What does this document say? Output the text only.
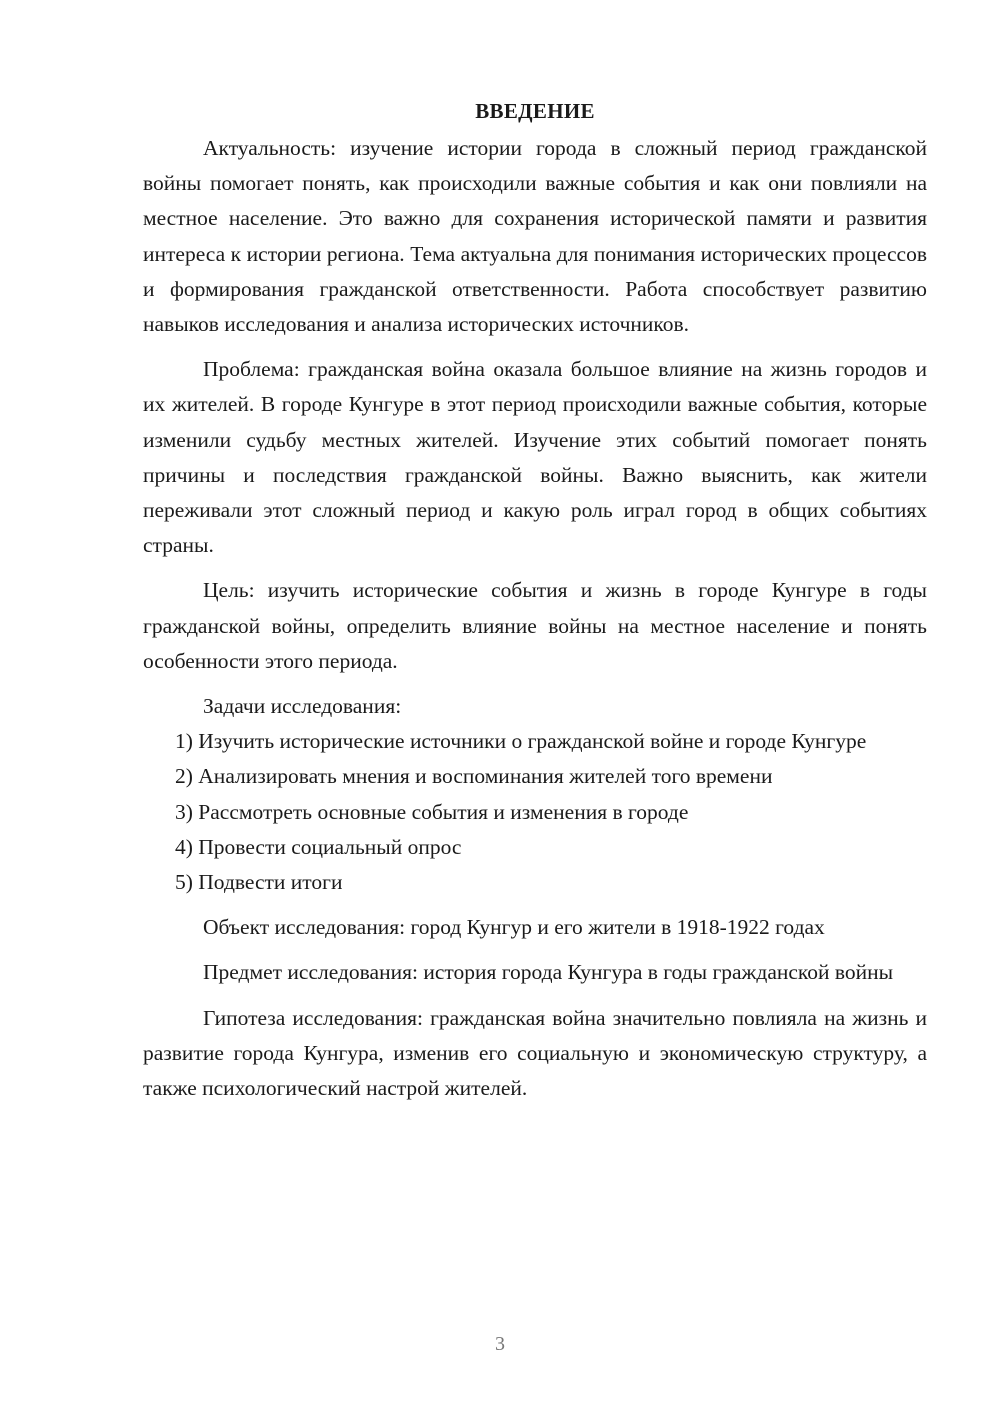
ВВЕДЕНИЕ

Актуальность: изучение истории города в сложный период гражданской войны помогает понять, как происходили важные события и как они повлияли на местное население. Это важно для сохранения исторической памяти и развития интереса к истории региона. Тема актуальна для понимания исторических процессов и формирования гражданской ответственности. Работа способствует развитию навыков исследования и анализа исторических источников.

Проблема: гражданская война оказала большое влияние на жизнь городов и их жителей. В городе Кунгуре в этот период происходили важные события, которые изменили судьбу местных жителей. Изучение этих событий помогает понять причины и последствия гражданской войны. Важно выяснить, как жители переживали этот сложный период и какую роль играл город в общих событиях страны.

Цель: изучить исторические события и жизнь в городе Кунгуре в годы гражданской войны, определить влияние войны на местное население и понять особенности этого периода.

Задачи исследования:

1) Изучить исторические источники о гражданской войне и городе Кунгуре

2) Анализировать мнения и воспоминания жителей того времени

3) Рассмотреть основные события и изменения в городе

4) Провести социальный опрос

5) Подвести итоги

Объект исследования: город Кунгур и его жители в 1918-1922 годах

Предмет исследования: история города Кунгура в годы гражданской войны

Гипотеза исследования: гражданская война значительно повлияла на жизнь и развитие города Кунгура, изменив его социальную и экономическую структуру, а также психологический настрой жителей.

3
